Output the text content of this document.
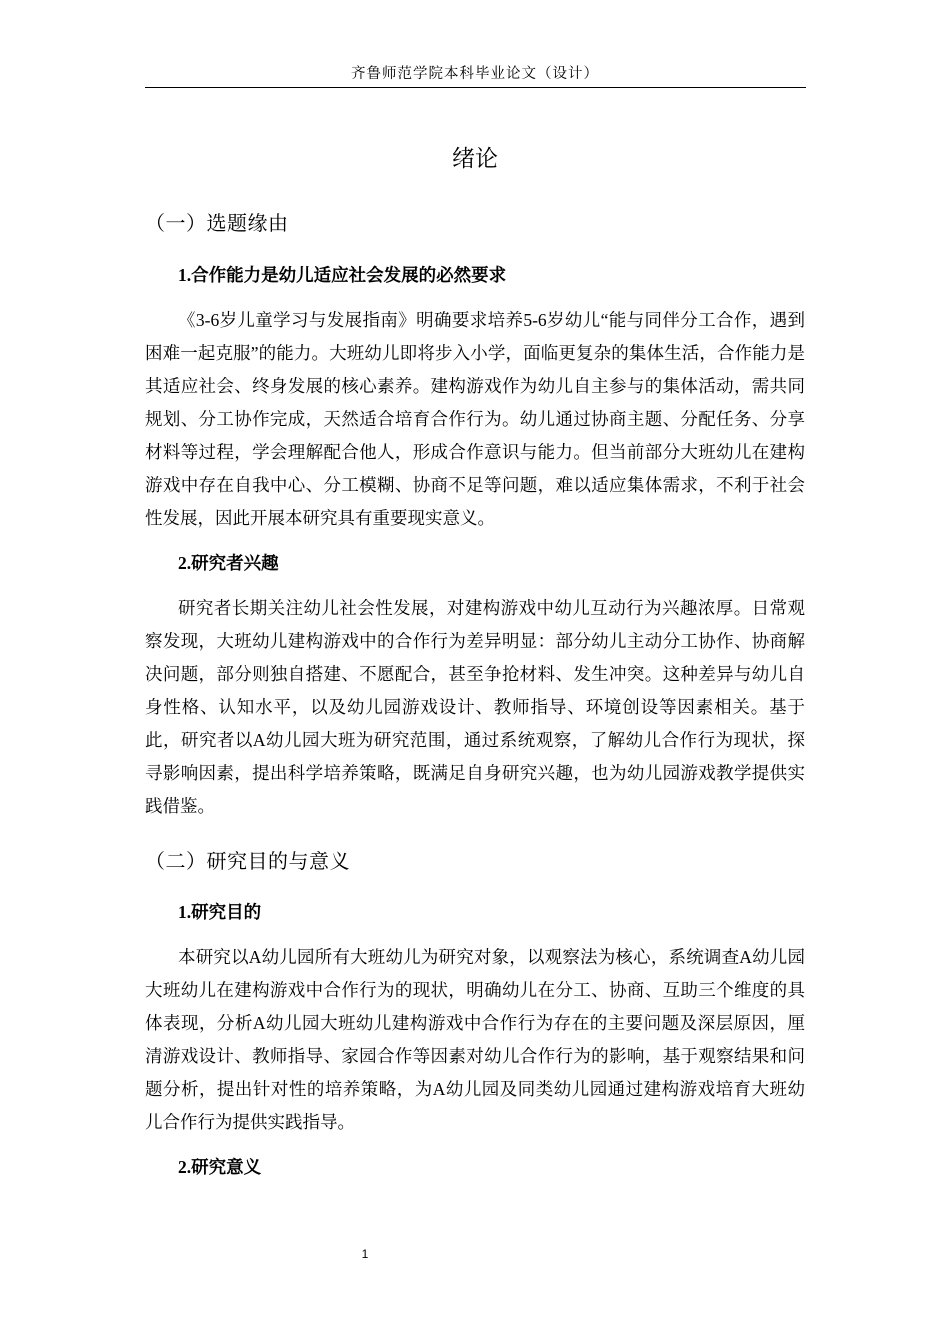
齐鲁师范学院本科毕业论文（设计）
绪论
（一）选题缘由
1.合作能力是幼儿适应社会发展的必然要求

《3-6岁儿童学习与发展指南》明确要求培养5-6岁幼儿“能与同伴分工合作，遇到困难一起克服”的能力。大班幼儿即将步入小学，面临更复杂的集体生活，合作能力是其适应社会、终身发展的核心素养。建构游戏作为幼儿自主参与的集体活动，需共同规划、分工协作完成，天然适合培育合作行为。幼儿通过协商主题、分配任务、分享材料等过程，学会理解配合他人，形成合作意识与能力。但当前部分大班幼儿在建构游戏中存在自我中心、分工模糊、协商不足等问题，难以适应集体需求，不利于社会性发展，因此开展本研究具有重要现实意义。

2.研究者兴趣

研究者长期关注幼儿社会性发展，对建构游戏中幼儿互动行为兴趣浓厚。日常观察发现，大班幼儿建构游戏中的合作行为差异明显：部分幼儿主动分工协作、协商解决问题，部分则独自搭建、不愿配合，甚至争抢材料、发生冲突。这种差异与幼儿自身性格、认知水平，以及幼儿园游戏设计、教师指导、环境创设等因素相关。基于此，研究者以A幼儿园大班为研究范围，通过系统观察，了解幼儿合作行为现状，探寻影响因素，提出科学培养策略，既满足自身研究兴趣，也为幼儿园游戏教学提供实践借鉴。

（二）研究目的与意义
1.研究目的

本研究以A幼儿园所有大班幼儿为研究对象，以观察法为核心，系统调查A幼儿园大班幼儿在建构游戏中合作行为的现状，明确幼儿在分工、协商、互助三个维度的具体表现，分析A幼儿园大班幼儿建构游戏中合作行为存在的主要问题及深层原因，厘清游戏设计、教师指导、家园合作等因素对幼儿合作行为的影响，基于观察结果和问题分析，提出针对性的培养策略，为A幼儿园及同类幼儿园通过建构游戏培育大班幼儿合作行为提供实践指导。

2.研究意义
1
